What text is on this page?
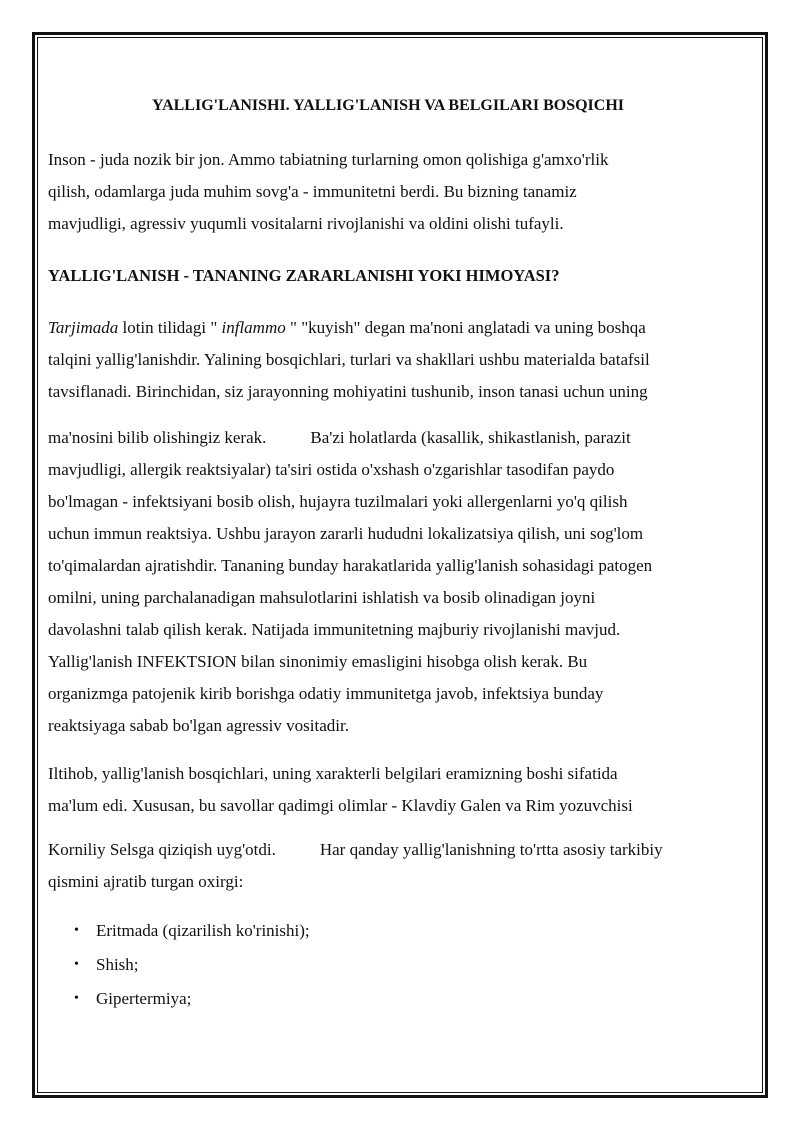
YALLIG'LANISHI. YALLIG'LANISH VA BELGILARI BOSQICHI

Inson - juda nozik bir jon. Ammo tabiatning turlarning omon qolishiga g'amxo'rlik
qilish, odamlarga juda muhim sovg'a - immunitetni berdi. Bu bizning tanamiz
mavjudligi, agressiv yuqumli vositalarni rivojlanishi va oldini olishi tufayli.

YALLIG'LANISH - TANANING ZARARLANISHI YOKI HIMOYASI?

Tarjimada lotin tilidagi " inflammo " "kuyish" degan ma'noni anglatadi va uning boshqa
talqini yallig'lanishdir. Yalining bosqichlari, turlari va shakllari ushbu materialda batafsil
tavsiflanadi. Birinchidan, siz jarayonning mohiyatini tushunib, inson tanasi uchun uning

ma'nosini bilib olishingiz kerak.	Ba'zi holatlarda (kasallik, shikastlanish, parazit
mavjudligi, allergik reaktsiyalar) ta'siri ostida o'xshash o'zgarishlar tasodifan paydo
bo'lmagan - infektsiyani bosib olish, hujayra tuzilmalari yoki allergenlarni yo'q qilish
uchun immun reaktsiya. Ushbu jarayon zararli hududni lokalizatsiya qilish, uni sog'lom
to'qimalardan ajratishdir. Tananing bunday harakatlarida yallig'lanish sohasidagi patogen
omilni, uning parchalanadigan mahsulotlarini ishlatish va bosib olinadigan joyni
davolashni talab qilish kerak. Natijada immunitetning majburiy rivojlanishi mavjud.
Yallig'lanish INFEKTSION bilan sinonimiy emasligini hisobga olish kerak. Bu
organizmga patojenik kirib borishga odatiy immunitetga javob, infektsiya bunday
reaktsiyaga sabab bo'lgan agressiv vositadir.

Iltihob, yallig'lanish bosqichlari, uning xarakterli belgilari eramizning boshi sifatida
ma'lum edi. Xususan, bu savollar qadimgi olimlar - Klavdiy Galen va Rim yozuvchisi

Korniliy Selsga qiziqish uyg'otdi.	Har qanday yallig'lanishning to'rtta asosiy tarkibiy
qismini ajratib turgan oxirgi:

• Eritmada (qizarilish ko'rinishi);
• Shish;
• Gipertermiya;
